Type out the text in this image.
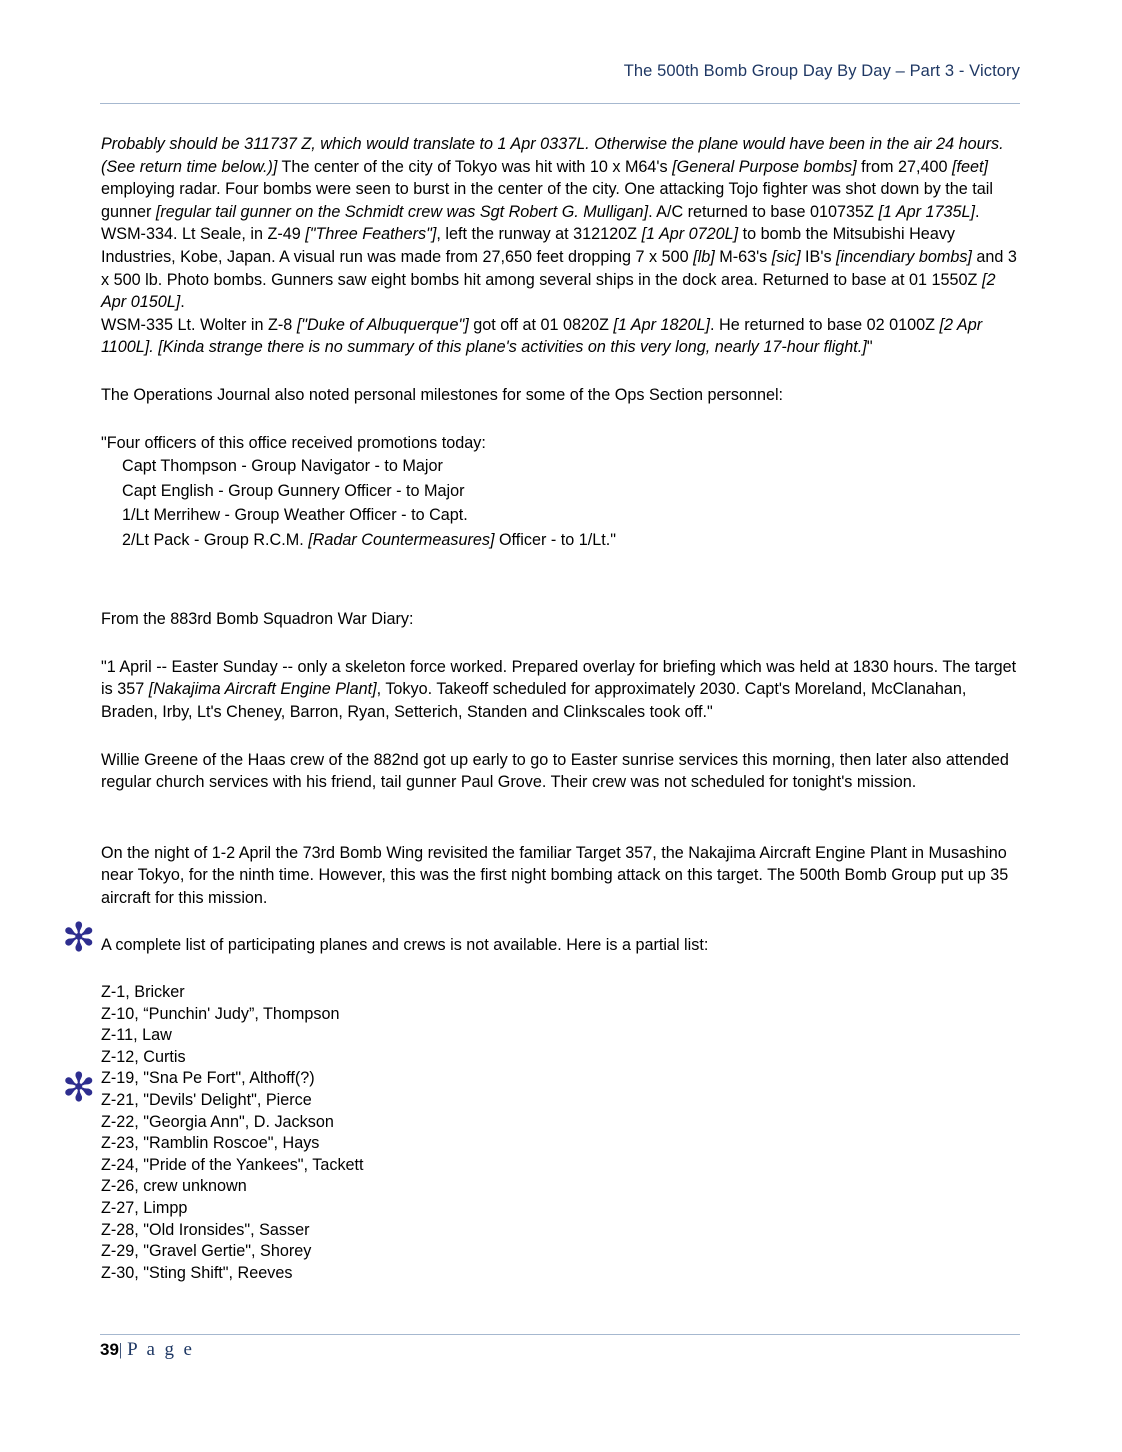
The 500th Bomb Group Day By Day – Part 3 - Victory

Probably should be 311737 Z, which would translate to 1 Apr 0337L. Otherwise the plane would have been in the air 24 hours. (See return time below.)] The center of the city of Tokyo was hit with 10 x M64's [General Purpose bombs] from 27,400 [feet] employing radar. Four bombs were seen to burst in the center of the city. One attacking Tojo fighter was shot down by the tail gunner [regular tail gunner on the Schmidt crew was Sgt Robert G. Mulligan]. A/C returned to base 010735Z [1 Apr 1735L].

WSM-334. Lt Seale, in Z-49 ["Three Feathers"], left the runway at 312120Z [1 Apr 0720L] to bomb the Mitsubishi Heavy Industries, Kobe, Japan. A visual run was made from 27,650 feet dropping 7 x 500 [lb] M-63's [sic] IB's [incendiary bombs] and 3 x 500 lb. Photo bombs. Gunners saw eight bombs hit among several ships in the dock area. Returned to base at 01 1550Z [2 Apr 0150L].

WSM-335 Lt. Wolter in Z-8 ["Duke of Albuquerque"] got off at 01 0820Z [1 Apr 1820L]. He returned to base 02 0100Z [2 Apr 1100L]. [Kinda strange there is no summary of this plane's activities on this very long, nearly 17-hour flight.]"

The Operations Journal also noted personal milestones for some of the Ops Section personnel:

"Four officers of this office received promotions today:

Capt Thompson - Group Navigator - to Major

Capt English - Group Gunnery Officer - to Major

1/Lt Merrihew - Group Weather Officer - to Capt.

2/Lt Pack - Group R.C.M. [Radar Countermeasures] Officer - to 1/Lt."

From the 883rd Bomb Squadron War Diary:

"1 April -- Easter Sunday -- only a skeleton force worked. Prepared overlay for briefing which was held at 1830 hours. The target is 357 [Nakajima Aircraft Engine Plant], Tokyo. Takeoff scheduled for approximately 2030. Capt's Moreland, McClanahan, Braden, Irby, Lt's Cheney, Barron, Ryan, Setterich, Standen and Clinkscales took off."

Willie Greene of the Haas crew of the 882nd got up early to go to Easter sunrise services this morning, then later also attended regular church services with his friend, tail gunner Paul Grove. Their crew was not scheduled for tonight's mission.

On the night of 1-2 April the 73rd Bomb Wing revisited the familiar Target 357, the Nakajima Aircraft Engine Plant in Musashino near Tokyo, for the ninth time. However, this was the first night bombing attack on this target. The 500th Bomb Group put up 35 aircraft for this mission.

A complete list of participating planes and crews is not available. Here is a partial list:

Z-1, Bricker

Z-10, “Punchin' Judy”, Thompson

Z-11, Law

Z-12, Curtis

Z-19, "Sna Pe Fort", Althoff(?)

Z-21, "Devils' Delight", Pierce

Z-22, "Georgia Ann", D. Jackson

Z-23, "Ramblin Roscoe", Hays

Z-24, "Pride of the Yankees", Tackett

Z-26, crew unknown

Z-27, Limpp

Z-28, "Old Ironsides", Sasser

Z-29, "Gravel Gertie", Shorey

Z-30, "Sting Shift", Reeves

✻
✻
39| P a g e
